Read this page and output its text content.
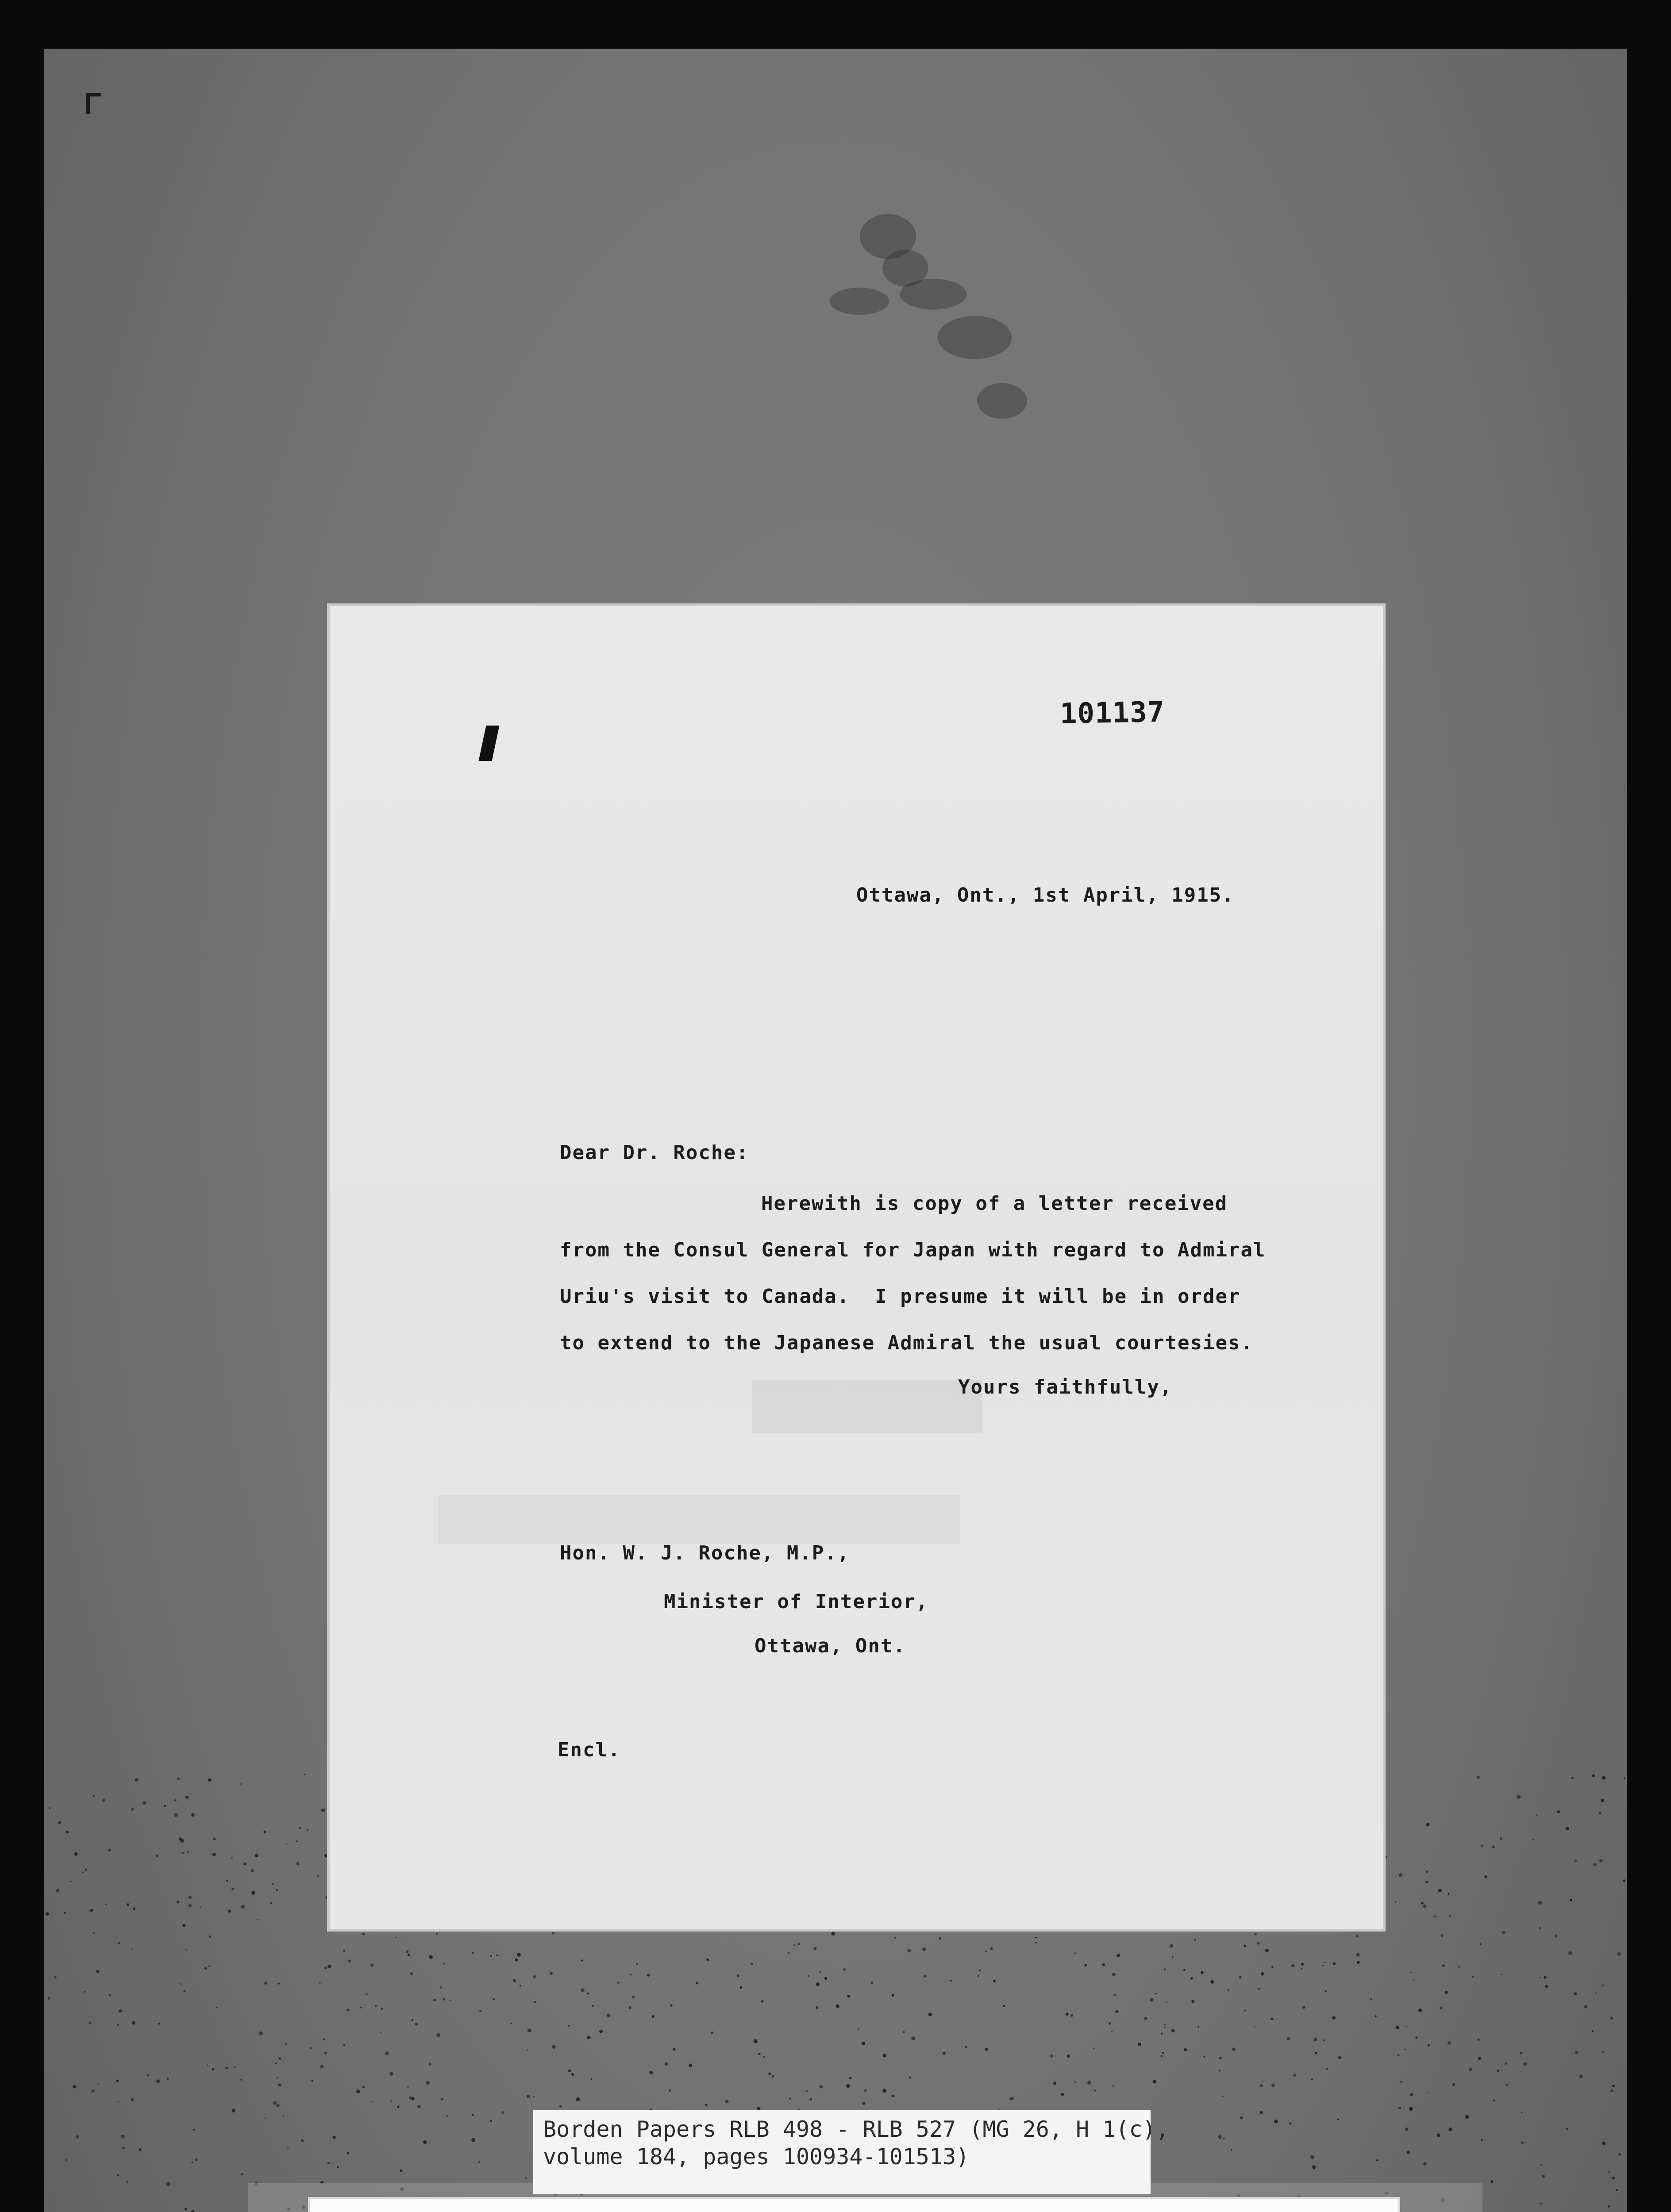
101137
Ottawa, Ont., 1st April, 1915.
Dear Dr. Roche:
Herewith is copy of a letter received
from the Consul General for Japan with regard to Admiral
Uriu's visit to Canada.  I presume it will be in order
to extend to the Japanese Admiral the usual courtesies.
Yours faithfully,
Hon. W. J. Roche, M.P.,
Minister of Interior,
Ottawa, Ont.
Encl.
Borden Papers RLB 498 - RLB 527 (MG 26, H 1(c),
volume 184, pages 100934-101513)
